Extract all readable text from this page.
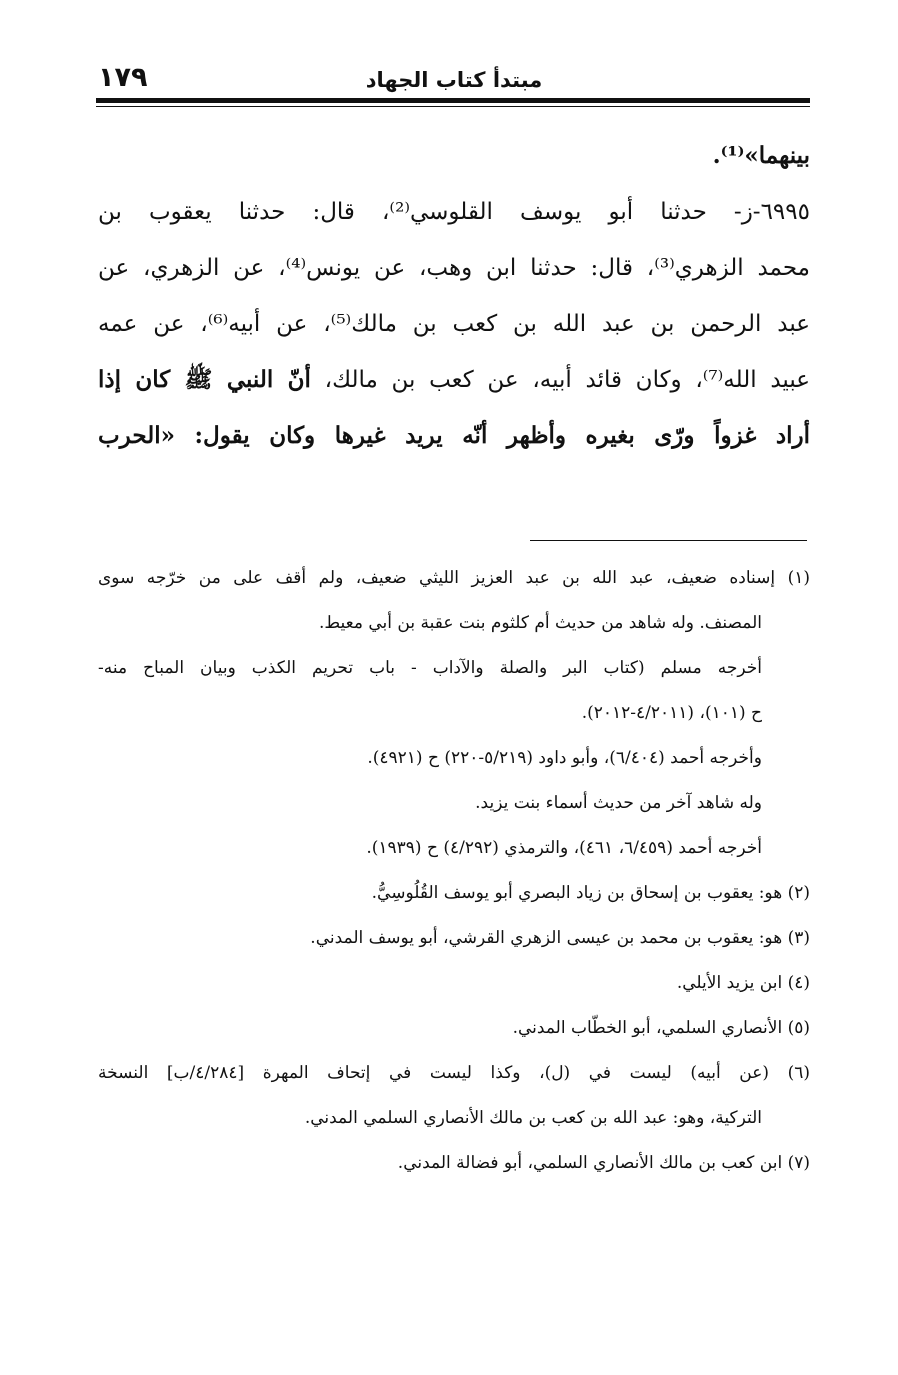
مبتدأ كتاب الجهاد
١٧٩
بينهما»⁽¹⁾.
٦٩٩٥-ز- حدثنا أبو يوسف القلوسي⁽²⁾، قال: حدثنا يعقوب بن
محمد الزهري⁽³⁾، قال: حدثنا ابن وهب، عن يونس⁽⁴⁾، عن الزهري، عن
عبد الرحمن بن عبد الله بن كعب بن مالك⁽⁵⁾، عن أبيه⁽⁶⁾، عن عمه
عبيد الله⁽⁷⁾، وكان قائد أبيه، عن كعب بن مالك، أنّ النبي ﷺ كان إذا
أراد غزواً ورّى بغيره وأظهر أنّه يريد غيرها وكان يقول: «الحرب
(١) إسناده ضعيف، عبد الله بن عبد العزيز الليثي ضعيف، ولم أقف على من خرّجه سوى
المصنف. وله شاهد من حديث أم كلثوم بنت عقبة بن أبي معيط.
أخرجه مسلم (كتاب البر والصلة والآداب - باب تحريم الكذب وبيان المباح منه-
ح (١٠١)، (٤/٢٠١١-٢٠١٢).
وأخرجه أحمد (٦/٤٠٤)، وأبو داود (٥/٢١٩-٢٢٠) ح (٤٩٢١).
وله شاهد آخر من حديث أسماء بنت يزيد.
أخرجه أحمد (٦/٤٥٩، ٤٦١)، والترمذي (٤/٢٩٢) ح (١٩٣٩).
(٢) هو: يعقوب بن إسحاق بن زياد البصري أبو يوسف القُلُوسِيُّ.
(٣) هو: يعقوب بن محمد بن عيسى الزهري القرشي، أبو يوسف المدني.
(٤) ابن يزيد الأيلي.
(٥) الأنصاري السلمي، أبو الخطّاب المدني.
(٦) (عن أبيه) ليست في (ل)، وكذا ليست في إتحاف المهرة [٤/٢٨٤/ب] النسخة
التركية، وهو: عبد الله بن كعب بن مالك الأنصاري السلمي المدني.
(٧) ابن كعب بن مالك الأنصاري السلمي، أبو فضالة المدني.
